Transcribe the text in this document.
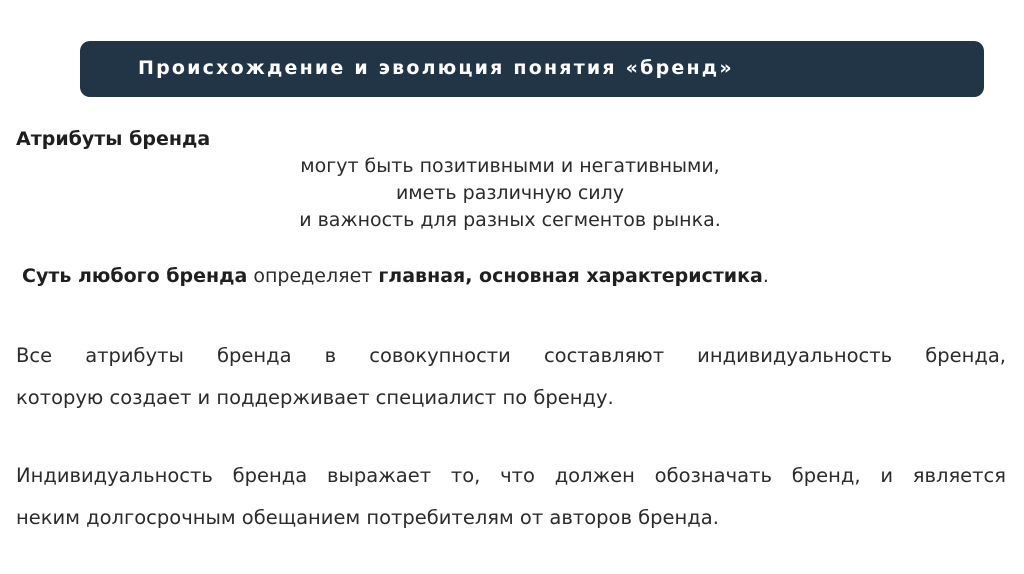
Происхождение и эволюция понятия «бренд»
Атрибуты бренда
могут быть позитивными и негативными,
иметь различную силу
и важность для разных сегментов рынка.
Суть любого бренда определяет главная, основная характеристика.
Все атрибуты бренда в совокупности составляют индивидуальность бренда,
которую создает и поддерживает специалист по бренду.
Индивидуальность бренда выражает то, что должен обозначать бренд, и является
неким долгосрочным обещанием потребителям от авторов бренда.
